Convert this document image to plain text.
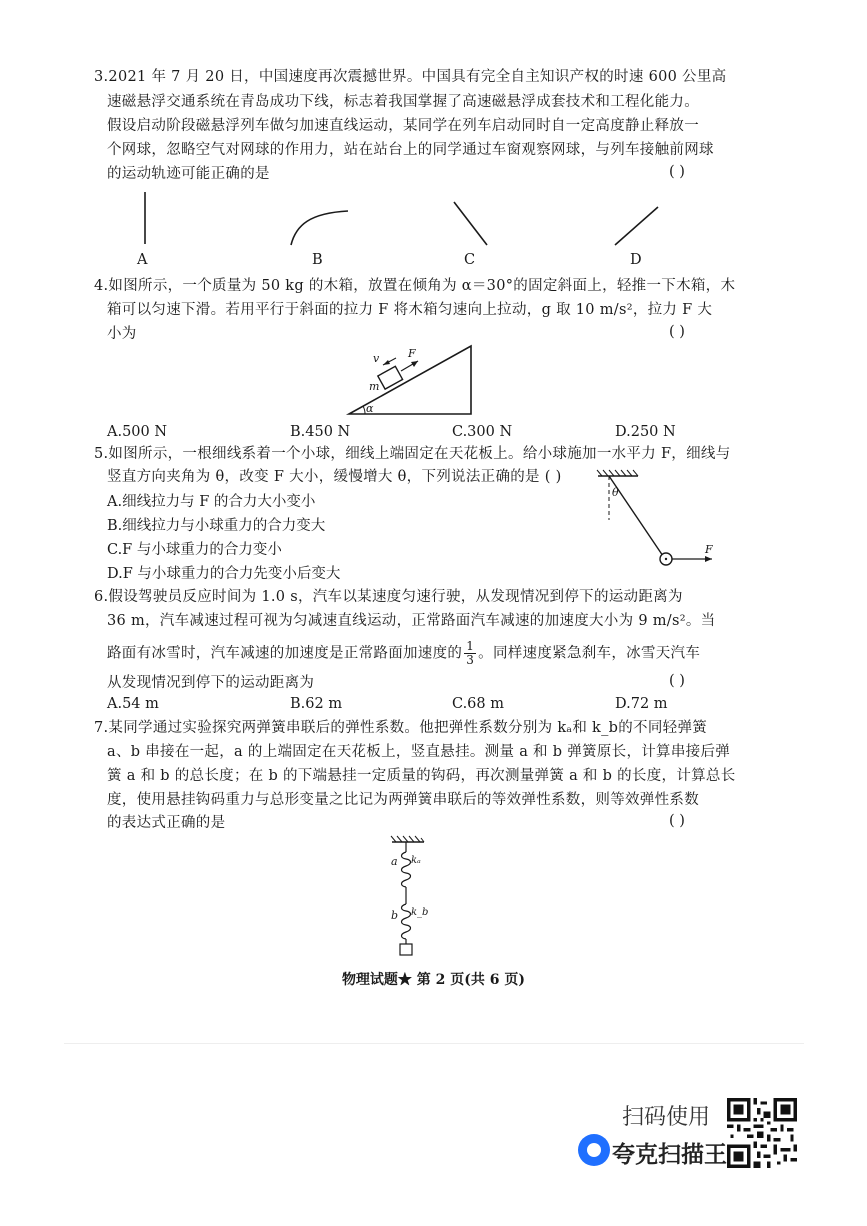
3.2021 年 7 月 20 日，中国速度再次震撼世界。中国具有完全自主知识产权的时速 600 公里高
速磁悬浮交通系统在青岛成功下线，标志着我国掌握了高速磁悬浮成套技术和工程化能力。
假设启动阶段磁悬浮列车做匀加速直线运动，某同学在列车启动同时自一定高度静止释放一
个网球，忽略空气对网球的作用力，站在站台上的同学通过车窗观察网球，与列车接触前网球
的运动轨迹可能正确的是	( )
A	B	C	D
4.如图所示，一个质量为 50 kg 的木箱，放置在倾角为 α＝30°的固定斜面上，轻推一下木箱，木
箱可以匀速下滑。若用平行于斜面的拉力 F 将木箱匀速向上拉动，g 取 10 m/s²，拉力 F 大
小为	( )
v	F
m
α
A.500 N	B.450 N	C.300 N	D.250 N
5.如图所示，一根细线系着一个小球，细线上端固定在天花板上。给小球施加一水平力 F，细线与
竖直方向夹角为 θ，改变 F 大小，缓慢增大 θ，下列说法正确的是 ( )
A.细线拉力与 F 的合力大小变小
B.细线拉力与小球重力的合力变大
C.F 与小球重力的合力变小
D.F 与小球重力的合力先变小后变大
θ
F
6.假设驾驶员反应时间为 1.0 s，汽车以某速度匀速行驶，从发现情况到停下的运动距离为
36 m，汽车减速过程可视为匀减速直线运动，正常路面汽车减速的加速度大小为 9 m/s²。当
路面有冰雪时，汽车减速的加速度是正常路面加速度的 $\frac{1}{3}$ 。同样速度紧急刹车，冰雪天汽车
从发现情况到停下的运动距离为	( )
A.54 m	B.62 m	C.68 m	D.72 m
7.某同学通过实验探究两弹簧串联后的弹性系数。他把弹性系数分别为 kₐ和 k_b的不同轻弹簧
a、b 串接在一起，a 的上端固定在天花板上，竖直悬挂。测量 a 和 b 弹簧原长，计算串接后弹
簧 a 和 b 的总长度；在 b 的下端悬挂一定质量的钩码，再次测量弹簧 a 和 b 的长度，计算总长
度，使用悬挂钩码重力与总形变量之比记为两弹簧串联后的等效弹性系数，则等效弹性系数
的表达式正确的是	( )
a kₐ
b k_b
物理试题★ 第 2 页(共 6 页)
扫码使用
夸克扫描王
